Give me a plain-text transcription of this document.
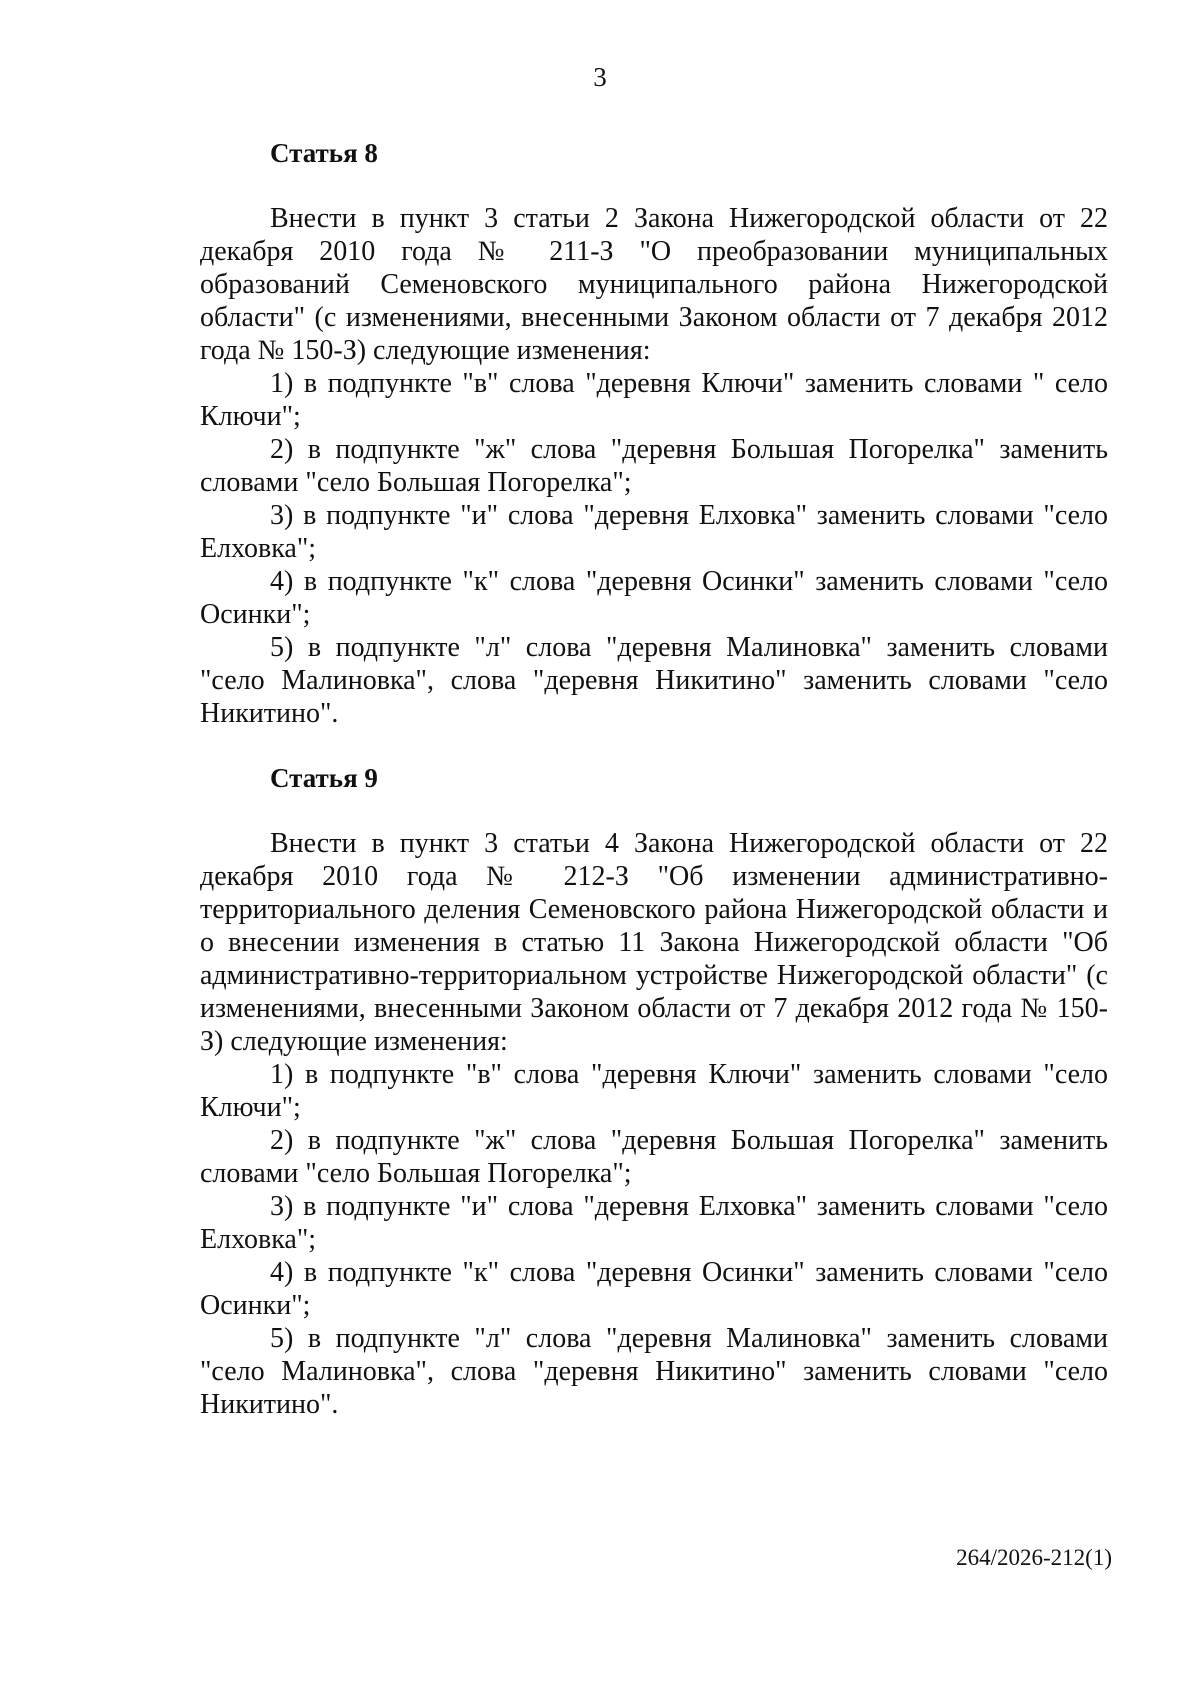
3

Статья 8

Внести в пункт 3 статьи 2 Закона Нижегородской области от 22 декабря 2010 года № 211-З "О преобразовании муниципальных образований Семеновского муниципального района Нижегородской области" (с изменениями, внесенными Законом области от 7 декабря 2012 года № 150-З) следующие изменения:

1) в подпункте "в" слова "деревня Ключи" заменить словами " село Ключи";

2) в подпункте "ж" слова "деревня Большая Погорелка" заменить словами "село Большая Погорелка";

3) в подпункте "и" слова "деревня Елховка" заменить словами "село Елховка";

4) в подпункте "к" слова "деревня Осинки" заменить словами "село Осинки";

5) в подпункте "л" слова "деревня Малиновка" заменить словами "село Малиновка", слова "деревня Никитино" заменить словами "село Никитино".

Статья 9

Внести в пункт 3 статьи 4 Закона Нижегородской области от 22 декабря 2010 года № 212-З "Об изменении административно-территориального деления Семеновского района Нижегородской области и о внесении изменения в статью 11 Закона Нижегородской области "Об административно-территориальном устройстве Нижегородской области" (с изменениями, внесенными Законом области от 7 декабря 2012 года № 150-З) следующие изменения:

1) в подпункте "в" слова "деревня Ключи" заменить словами "село Ключи";

2) в подпункте "ж" слова "деревня Большая Погорелка" заменить словами "село Большая Погорелка";

3) в подпункте "и" слова "деревня Елховка" заменить словами "село Елховка";

4) в подпункте "к" слова "деревня Осинки" заменить словами "село Осинки";

5) в подпункте "л" слова "деревня Малиновка" заменить словами "село Малиновка", слова "деревня Никитино" заменить словами "село Никитино".

264/2026-212(1)
